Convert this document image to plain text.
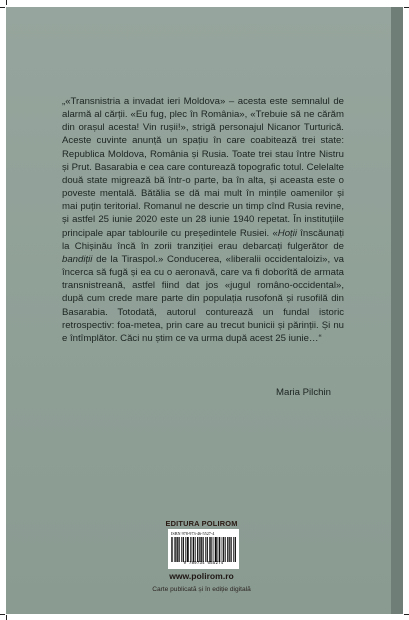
„«Transnistria a invadat ieri Moldova» – acesta este semnalul de alarmă al cărții. «Eu fug, plec în România», «Trebuie să ne cărăm din orașul acesta! Vin rușii!», strigă personajul Nicanor Turturică. Aceste cuvinte anunță un spațiu în care coabitează trei state: Republica Moldova, România și Rusia. Toate trei stau între Nistru și Prut. Basarabia e cea care conturează topografic totul. Celelalte două state migrează bă într-o parte, ba în alta, și aceasta este o poveste mentală. Bătălia se dă mai mult în mințile oamenilor și mai puțin teritorial. Romanul ne descrie un timp cînd Rusia revine, și astfel 25 iunie 2020 este un 28 iunie 1940 repetat. În instituțiile principale apar tablourile cu președintele Rusiei. «Hoții înscăunați la Chișinău încă în zorii tranziției erau debarcați fulgerător de bandiții de la Tiraspol.» Conducerea, «liberalii occidentaloizi», va încerca să fugă și ea cu o aeronavă, care va fi doborîtă de armata transnistreană, astfel fiind dat jos «jugul româno-occidental», după cum crede mare parte din populația rusofonă și rusofilă din Basarabia. Totodată, autorul conturează un fundal istoric retrospectiv: foa-metea, prin care au trecut bunicii și părinții. Și nu e întîmplător. Căci nu știm ce va urma după acest 25 iunie…“
Maria Pilchin
EDITURA POLIROM
ISBN 978-973-46-5527-4
9 789734 655274
www.polirom.ro
Carte publicată și în ediție digitală
